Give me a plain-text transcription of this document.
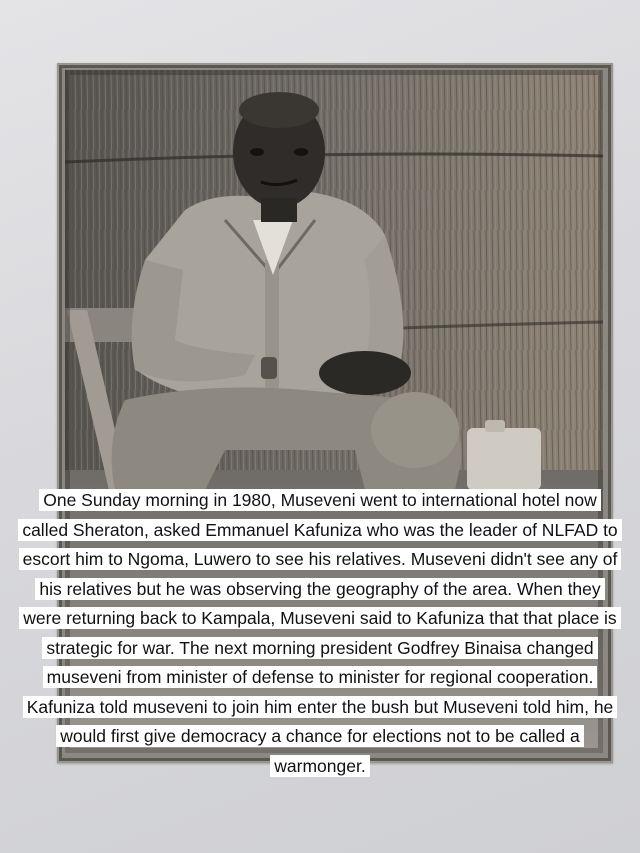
One Sunday morning in 1980, Museveni went to international hotel now called Sheraton, asked Emmanuel Kafuniza who was the leader of NLFAD to escort him to Ngoma, Luwero to see his relatives. Museveni didn't see any of his relatives but he was observing the geography of the area. When they were returning back to Kampala, Museveni said to Kafuniza that that place is strategic for war. The next morning president Godfrey Binaisa changed museveni from minister of defense to minister for regional cooperation. Kafuniza told museveni to join him enter the bush but Museveni told him, he would first give democracy a chance for elections not to be called a warmonger.
